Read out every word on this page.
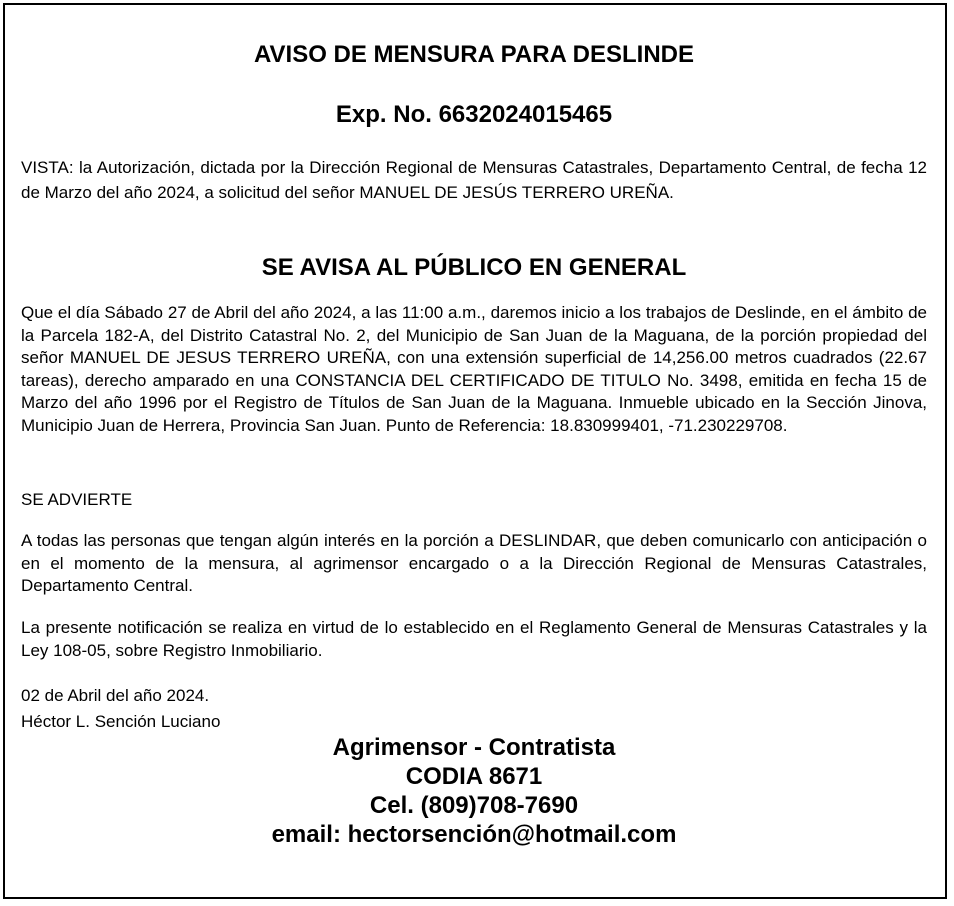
AVISO DE MENSURA PARA DESLINDE
Exp. No. 6632024015465
VISTA: la Autorización, dictada por la Dirección Regional de Mensuras Catastrales, Departamento Central, de fecha 12 de Marzo del año 2024, a solicitud del señor MANUEL DE JESÚS TERRERO UREÑA.
SE AVISA AL PÚBLICO EN GENERAL
Que el día Sábado 27 de Abril del año 2024, a las 11:00 a.m., daremos inicio a los trabajos de Deslinde, en el ámbito de la Parcela 182-A, del Distrito Catastral No. 2, del Municipio de San Juan de la Maguana, de la porción propiedad del señor MANUEL DE JESUS TERRERO UREÑA, con una extensión superficial de 14,256.00 metros cuadrados (22.67 tareas), derecho amparado en una CONSTANCIA DEL CERTIFICADO DE TITULO No. 3498, emitida en fecha 15 de Marzo del año 1996 por el Registro de Títulos de San Juan de la Maguana. Inmueble ubicado en la Sección Jinova, Municipio Juan de Herrera, Provincia San Juan. Punto de Referencia: 18.830999401, -71.230229708.
SE ADVIERTE
A todas las personas que tengan algún interés en la porción a DESLINDAR, que deben comunicarlo con anticipación o en el momento de la mensura, al agrimensor encargado o a la Dirección Regional de Mensuras Catastrales, Departamento Central.
La presente notificación se realiza en virtud de lo establecido en el Reglamento General de Mensuras Catastrales y la Ley 108-05, sobre Registro Inmobiliario.
02 de Abril del año 2024.
Héctor L. Sención Luciano
Agrimensor - Contratista
CODIA 8671
Cel. (809)708-7690
email: hectorsención@hotmail.com
